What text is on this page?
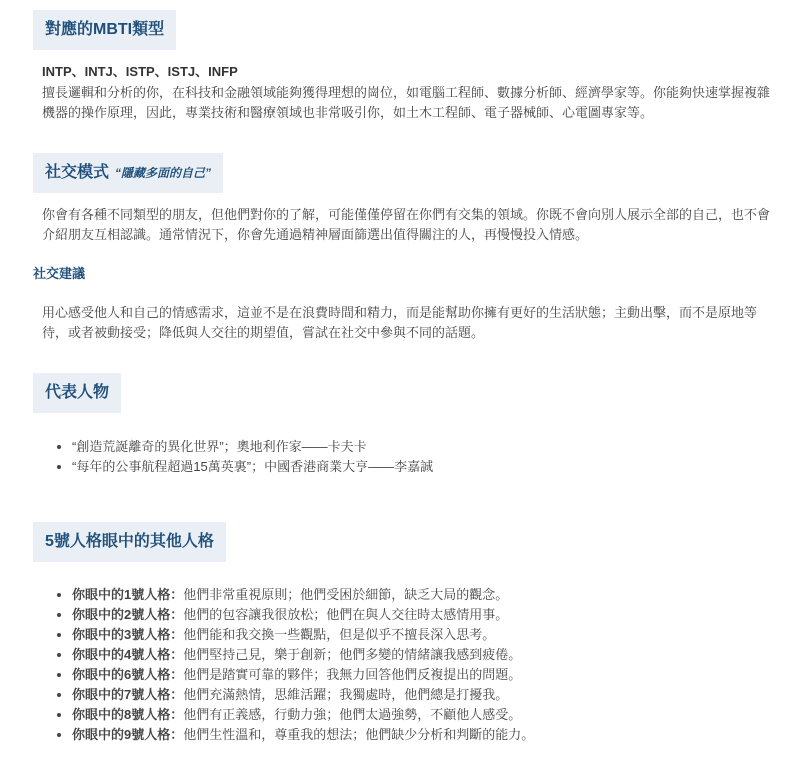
對應的MBTI類型
INTP、INTJ、ISTP、ISTJ、INFP

擅長邏輯和分析的你，在科技和金融領域能夠獲得理想的崗位，如電腦工程師、數據分析師、經濟學家等。你能夠快速掌握複雜機器的操作原理，因此，專業技術和醫療領域也非常吸引你，如土木工程師、電子器械師、心電圖專家等。

社交模式 “隱藏多面的自己”

你會有各種不同類型的朋友，但他們對你的了解，可能僅僅停留在你們有交集的領域。你既不會向別人展示全部的自己，也不會介紹朋友互相認識。通常情況下，你會先通過精神層面篩選出值得關注的人，再慢慢投入情感。

社交建議

用心感受他人和自己的情感需求，這並不是在浪費時間和精力，而是能幫助你擁有更好的生活狀態；主動出擊，而不是原地等待，或者被動接受；降低與人交往的期望值，嘗試在社交中參與不同的話題。

代表人物
• “創造荒誕離奇的異化世界”；奧地利作家——卡夫卡
• “每年的公事航程超過15萬英裏”；中國香港商業大亨——李嘉誠
5號人格眼中的其他人格
• 你眼中的1號人格：他們非常重視原則；他們受困於細節，缺乏大局的觀念。
• 你眼中的2號人格：他們的包容讓我很放松；他們在與人交往時太感情用事。
• 你眼中的3號人格：他們能和我交換一些觀點，但是似乎不擅長深入思考。
• 你眼中的4號人格：他們堅持己見，樂于創新；他們多變的情緒讓我感到疲倦。
• 你眼中的6號人格：他們是踏實可靠的夥伴；我無力回答他們反複提出的問題。
• 你眼中的7號人格：他們充滿熱情，思維活躍；我獨處時，他們總是打擾我。
• 你眼中的8號人格：他們有正義感，行動力強；他們太過強勢，不顧他人感受。
• 你眼中的9號人格：他們生性溫和，尊重我的想法；他們缺少分析和判斷的能力。
